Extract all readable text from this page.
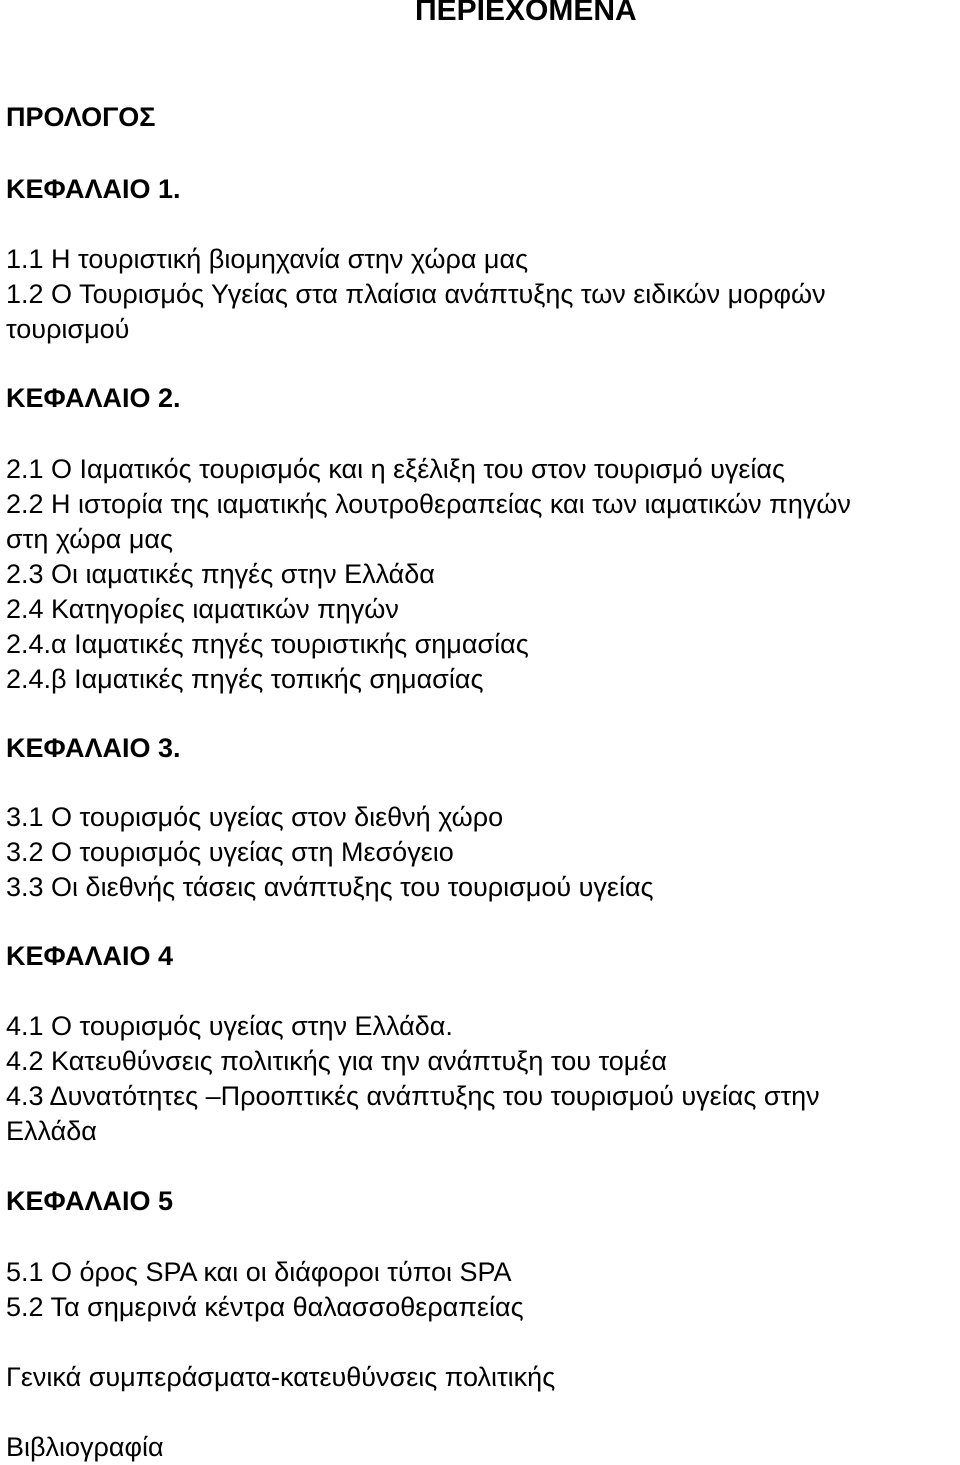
ΠΕΡΙΕΧΟΜΕΝΑ
ΠΡΟΛΟΓΟΣ
ΚΕΦΑΛΑΙΟ 1.
1.1 Η τουριστική βιομηχανία στην χώρα μας
1.2 Ο Τουρισμός Υγείας στα πλαίσια ανάπτυξης των ειδικών μορφών
τουρισμού
ΚΕΦΑΛΑΙΟ 2.
2.1 Ο Ιαματικός τουρισμός και η εξέλιξη του στον τουρισμό υγείας
2.2 Η ιστορία της ιαματικής λουτροθεραπείας και των ιαματικών πηγών
στη χώρα μας
2.3 Οι ιαματικές πηγές στην Ελλάδα
2.4 Κατηγορίες ιαματικών πηγών
2.4.α Ιαματικές πηγές τουριστικής σημασίας
2.4.β Ιαματικές πηγές τοπικής σημασίας
ΚΕΦΑΛΑΙΟ 3.
3.1 Ο τουρισμός υγείας στον διεθνή χώρο
3.2 Ο τουρισμός υγείας στη Μεσόγειο
3.3 Οι διεθνής τάσεις ανάπτυξης του τουρισμού υγείας
ΚΕΦΑΛΑΙΟ 4
4.1 Ο τουρισμός υγείας στην Ελλάδα.
4.2 Κατευθύνσεις πολιτικής για την ανάπτυξη του τομέα
4.3 Δυνατότητες –Προοπτικές ανάπτυξης του τουρισμού υγείας στην
Ελλάδα
ΚΕΦΑΛΑΙΟ 5
5.1 Ο όρος SPA και οι διάφοροι τύποι SPA
5.2 Τα σημερινά κέντρα θαλασσοθεραπείας
Γενικά συμπεράσματα-κατευθύνσεις πολιτικής
Βιβλιογραφία
